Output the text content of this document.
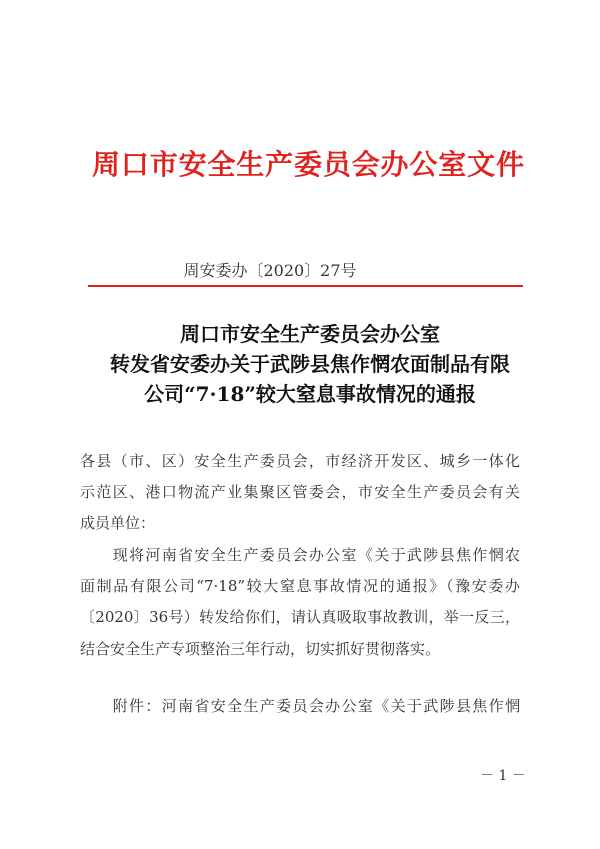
周口市安全生产委员会办公室文件
周安委办〔2020〕27号
周口市安全生产委员会办公室
转发省安委办关于武陟县焦作惘农面制品有限
公司“7·18”较大窒息事故情况的通报
各县（市、区）安全生产委员会，市经济开发区、城乡一体化
示范区、港口物流产业集聚区管委会，市安全生产委员会有关
成员单位：
　　现将河南省安全生产委员会办公室《关于武陟县焦作惘农
面制品有限公司“7·18”较大窒息事故情况的通报》（豫安委办
〔2020〕36号）转发给你们，请认真吸取事故教训，举一反三，
结合安全生产专项整治三年行动，切实抓好贯彻落实。
　　附件：河南省安全生产委员会办公室《关于武陟县焦作惘
－ 1 －
